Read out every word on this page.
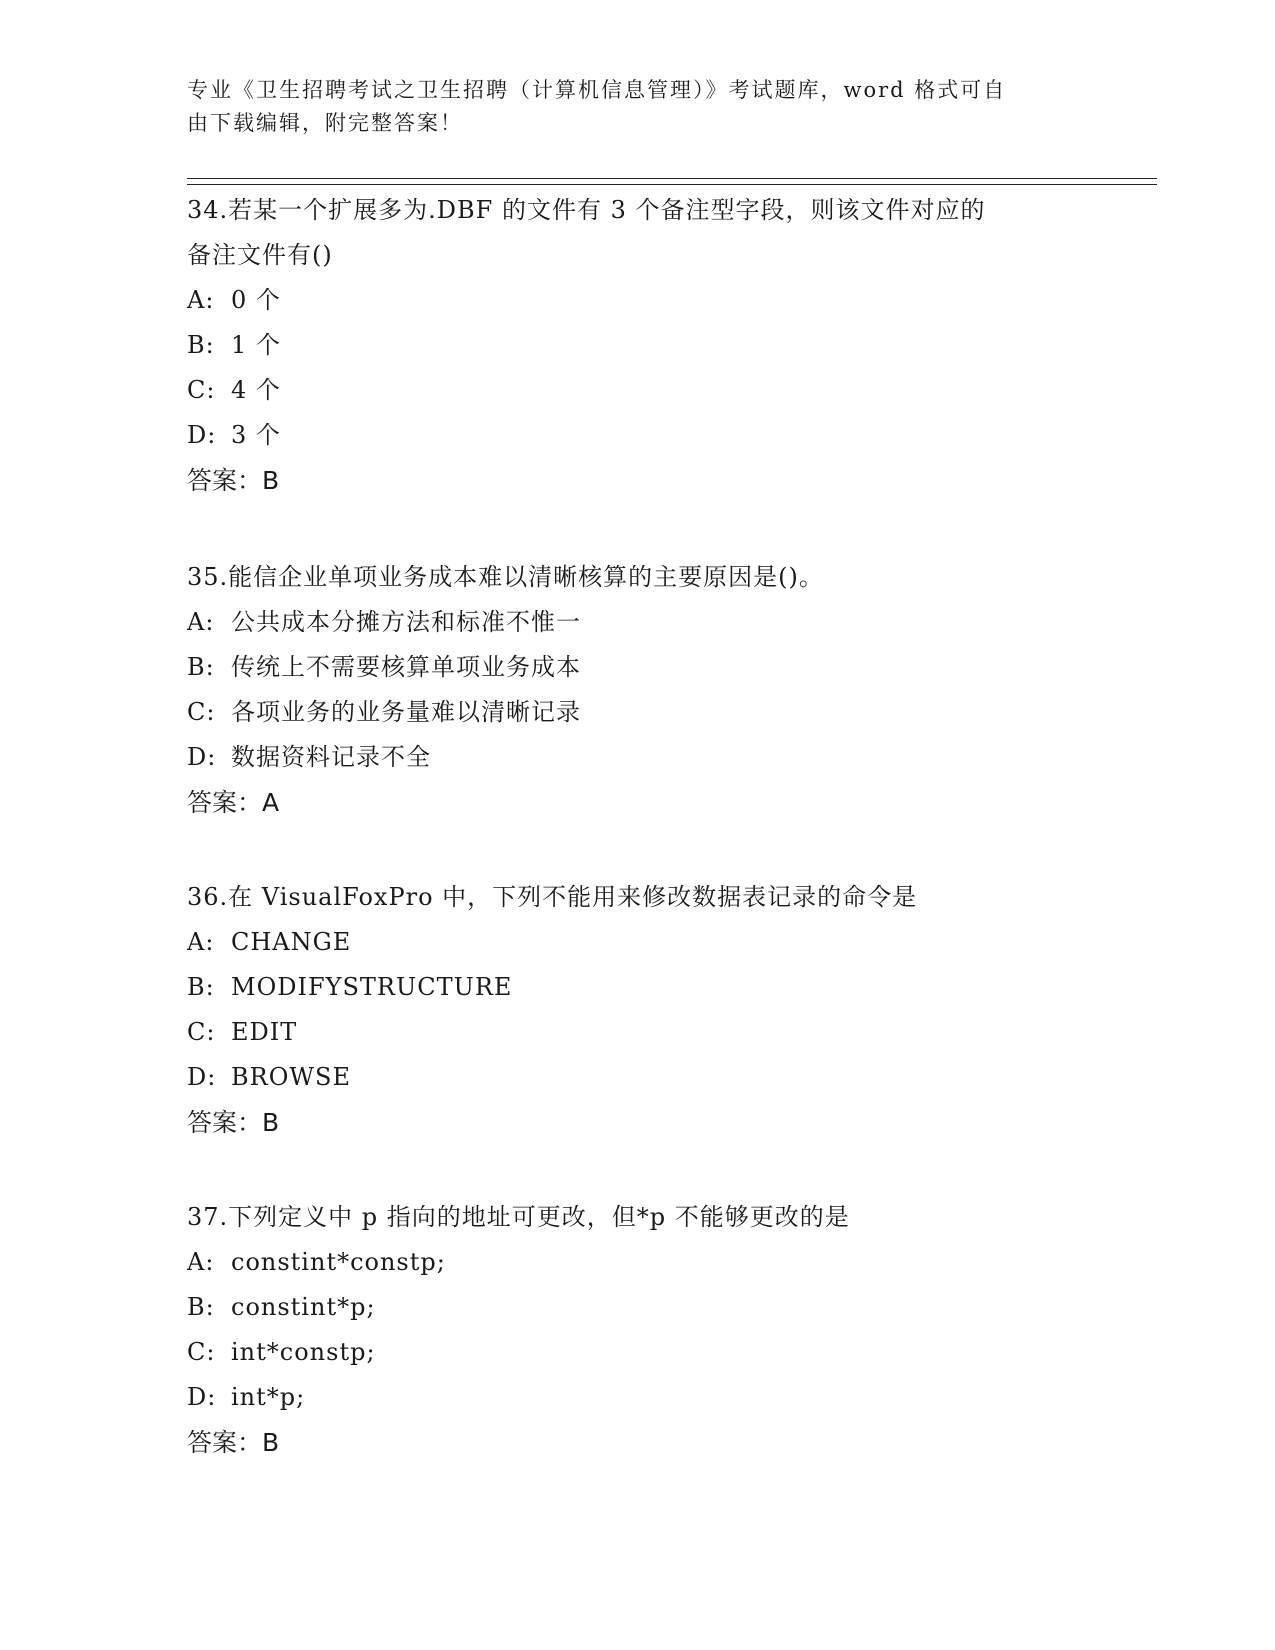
专业《卫生招聘考试之卫生招聘（计算机信息管理）》考试题库，word 格式可自
由下载编辑，附完整答案！
34.若某一个扩展多为.DBF 的文件有 3 个备注型字段，则该文件对应的
备注文件有()
A: 0 个
B: 1 个
C: 4 个
D: 3 个
答案：B
35.能信企业单项业务成本难以清晰核算的主要原因是()。
A: 公共成本分摊方法和标准不惟一
B: 传统上不需要核算单项业务成本
C: 各项业务的业务量难以清晰记录
D: 数据资料记录不全
答案：A
36.在 VisualFoxPro 中，下列不能用来修改数据表记录的命令是
A: CHANGE
B: MODIFYSTRUCTURE
C: EDIT
D: BROWSE
答案：B
37.下列定义中 p 指向的地址可更改，但*p 不能够更改的是
A: constint*constp;
B: constint*p;
C: int*constp;
D: int*p;
答案：B
